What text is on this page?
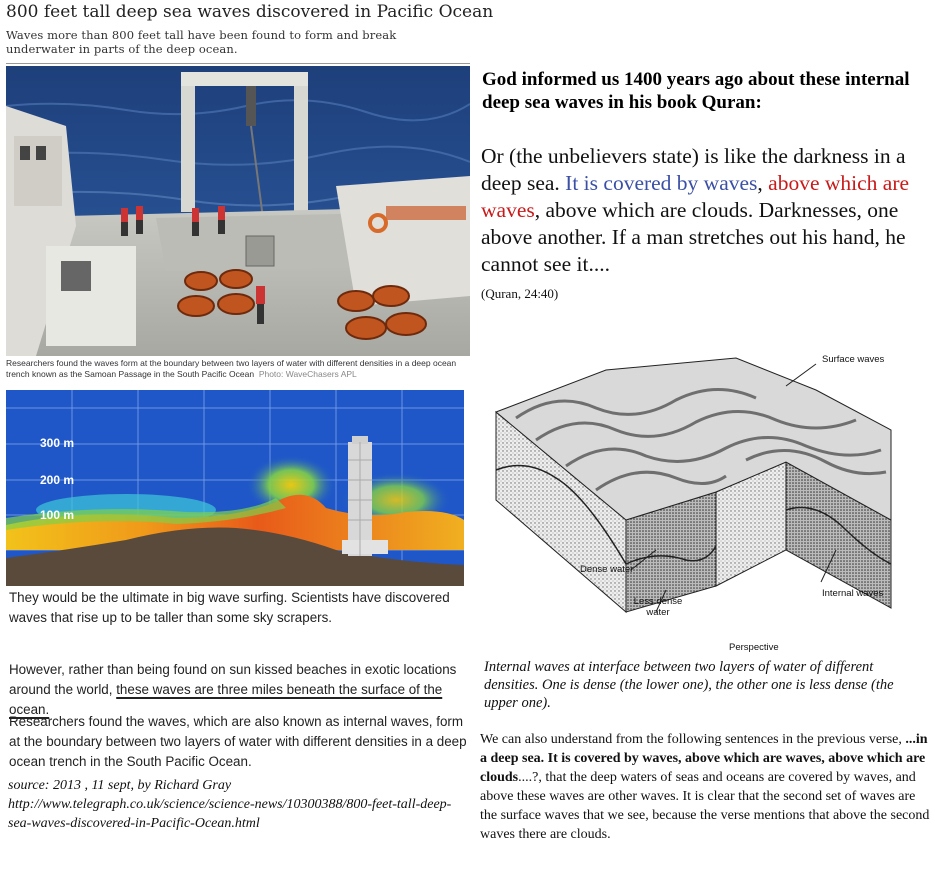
800 feet tall deep sea waves discovered in Pacific Ocean
Waves more than 800 feet tall have been found to form and break underwater in parts of the deep ocean.
Researchers found the waves form at the boundary between two layers of water with different densities in a deep ocean trench known as the Samoan Passage in the South Pacific Ocean Photo: WaveChasers APL
300 m
200 m
100 m
They would be the ultimate in big wave surfing. Scientists have discovered waves that rise up to be taller than some sky scrapers.
However, rather than being found on sun kissed beaches in exotic locations around the world, these waves are three miles beneath the surface of the ocean.
Researchers found the waves, which are also known as internal waves, form at the boundary between two layers of water with different densities in a deep ocean trench in the South Pacific Ocean.
source: 2013 , 11 sept, by Richard Gray
http://www.telegraph.co.uk/science/science-news/10300388/800-feet-tall-deep-sea-waves-discovered-in-Pacific-Ocean.html
God informed us 1400 years ago about these internal deep sea waves in his book Quran:
Or (the unbelievers state) is like the darkness in a deep sea. It is covered by waves, above which are waves, above which are clouds. Darknesses, one above another. If a man stretches out his hand, he cannot see it....
(Quran, 24:40)
Surface waves
Dense water
Less dense water
Internal waves
Perspective
Internal waves at interface between two layers of water of different densities. One is dense (the lower one), the other one is less dense (the upper one).
We can also understand from the following sentences in the previous verse, ...in a deep sea. It is covered by waves, above which are waves, above which are clouds....?, that the deep waters of seas and oceans are covered by waves, and above these waves are other waves. It is clear that the second set of waves are the surface waves that we see, because the verse mentions that above the second waves there are clouds.
